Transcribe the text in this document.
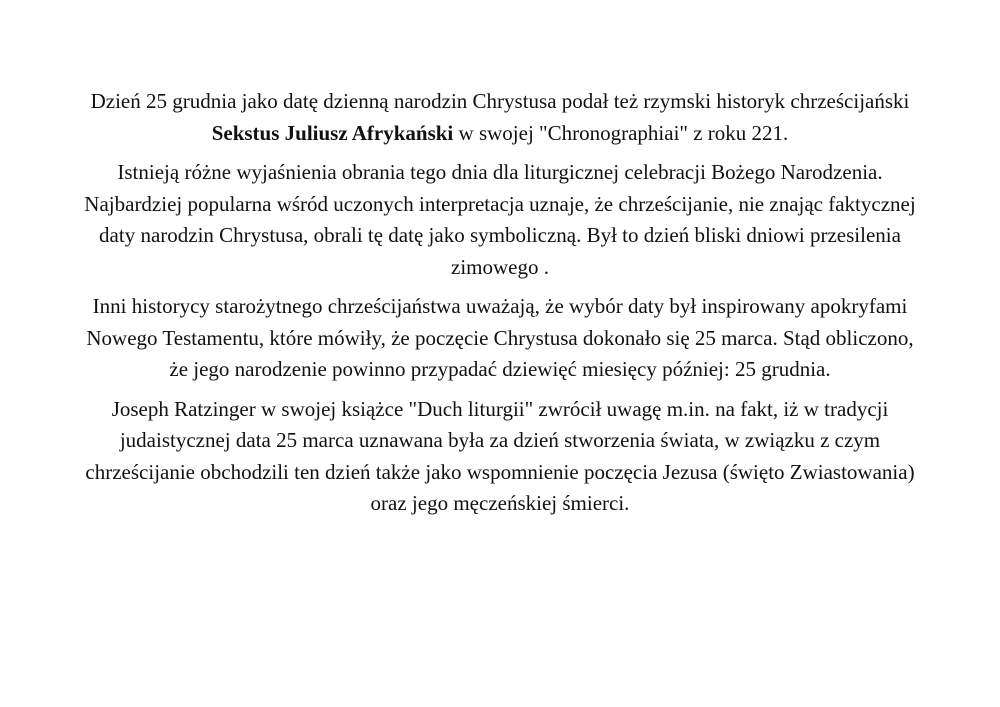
Dzień 25 grudnia jako datę dzienną narodzin Chrystusa podał też rzymski historyk chrześcijański Sekstus Juliusz Afrykański w swojej "Chronographiai" z roku 221.

Istnieją różne wyjaśnienia obrania tego dnia dla liturgicznej celebracji Bożego Narodzenia. Najbardziej popularna wśród uczonych interpretacja uznaje, że chrześcijanie, nie znając faktycznej daty narodzin Chrystusa, obrali tę datę jako symboliczną. Był to dzień bliski dniowi przesilenia zimowego .

Inni historycy starożytnego chrześcijaństwa uważają, że wybór daty był inspirowany apokryfami Nowego Testamentu, które mówiły, że poczęcie Chrystusa dokonało się 25 marca. Stąd obliczono, że jego narodzenie powinno przypadać dziewięć miesięcy później: 25 grudnia.

Joseph Ratzinger w swojej książce "Duch liturgii" zwrócił uwagę m.in. na fakt, iż w tradycji judaistycznej data 25 marca uznawana była za dzień stworzenia świata, w związku z czym chrześcijanie obchodzili ten dzień także jako wspomnienie poczęcia Jezusa (święto Zwiastowania) oraz jego męczeńskiej śmierci.
